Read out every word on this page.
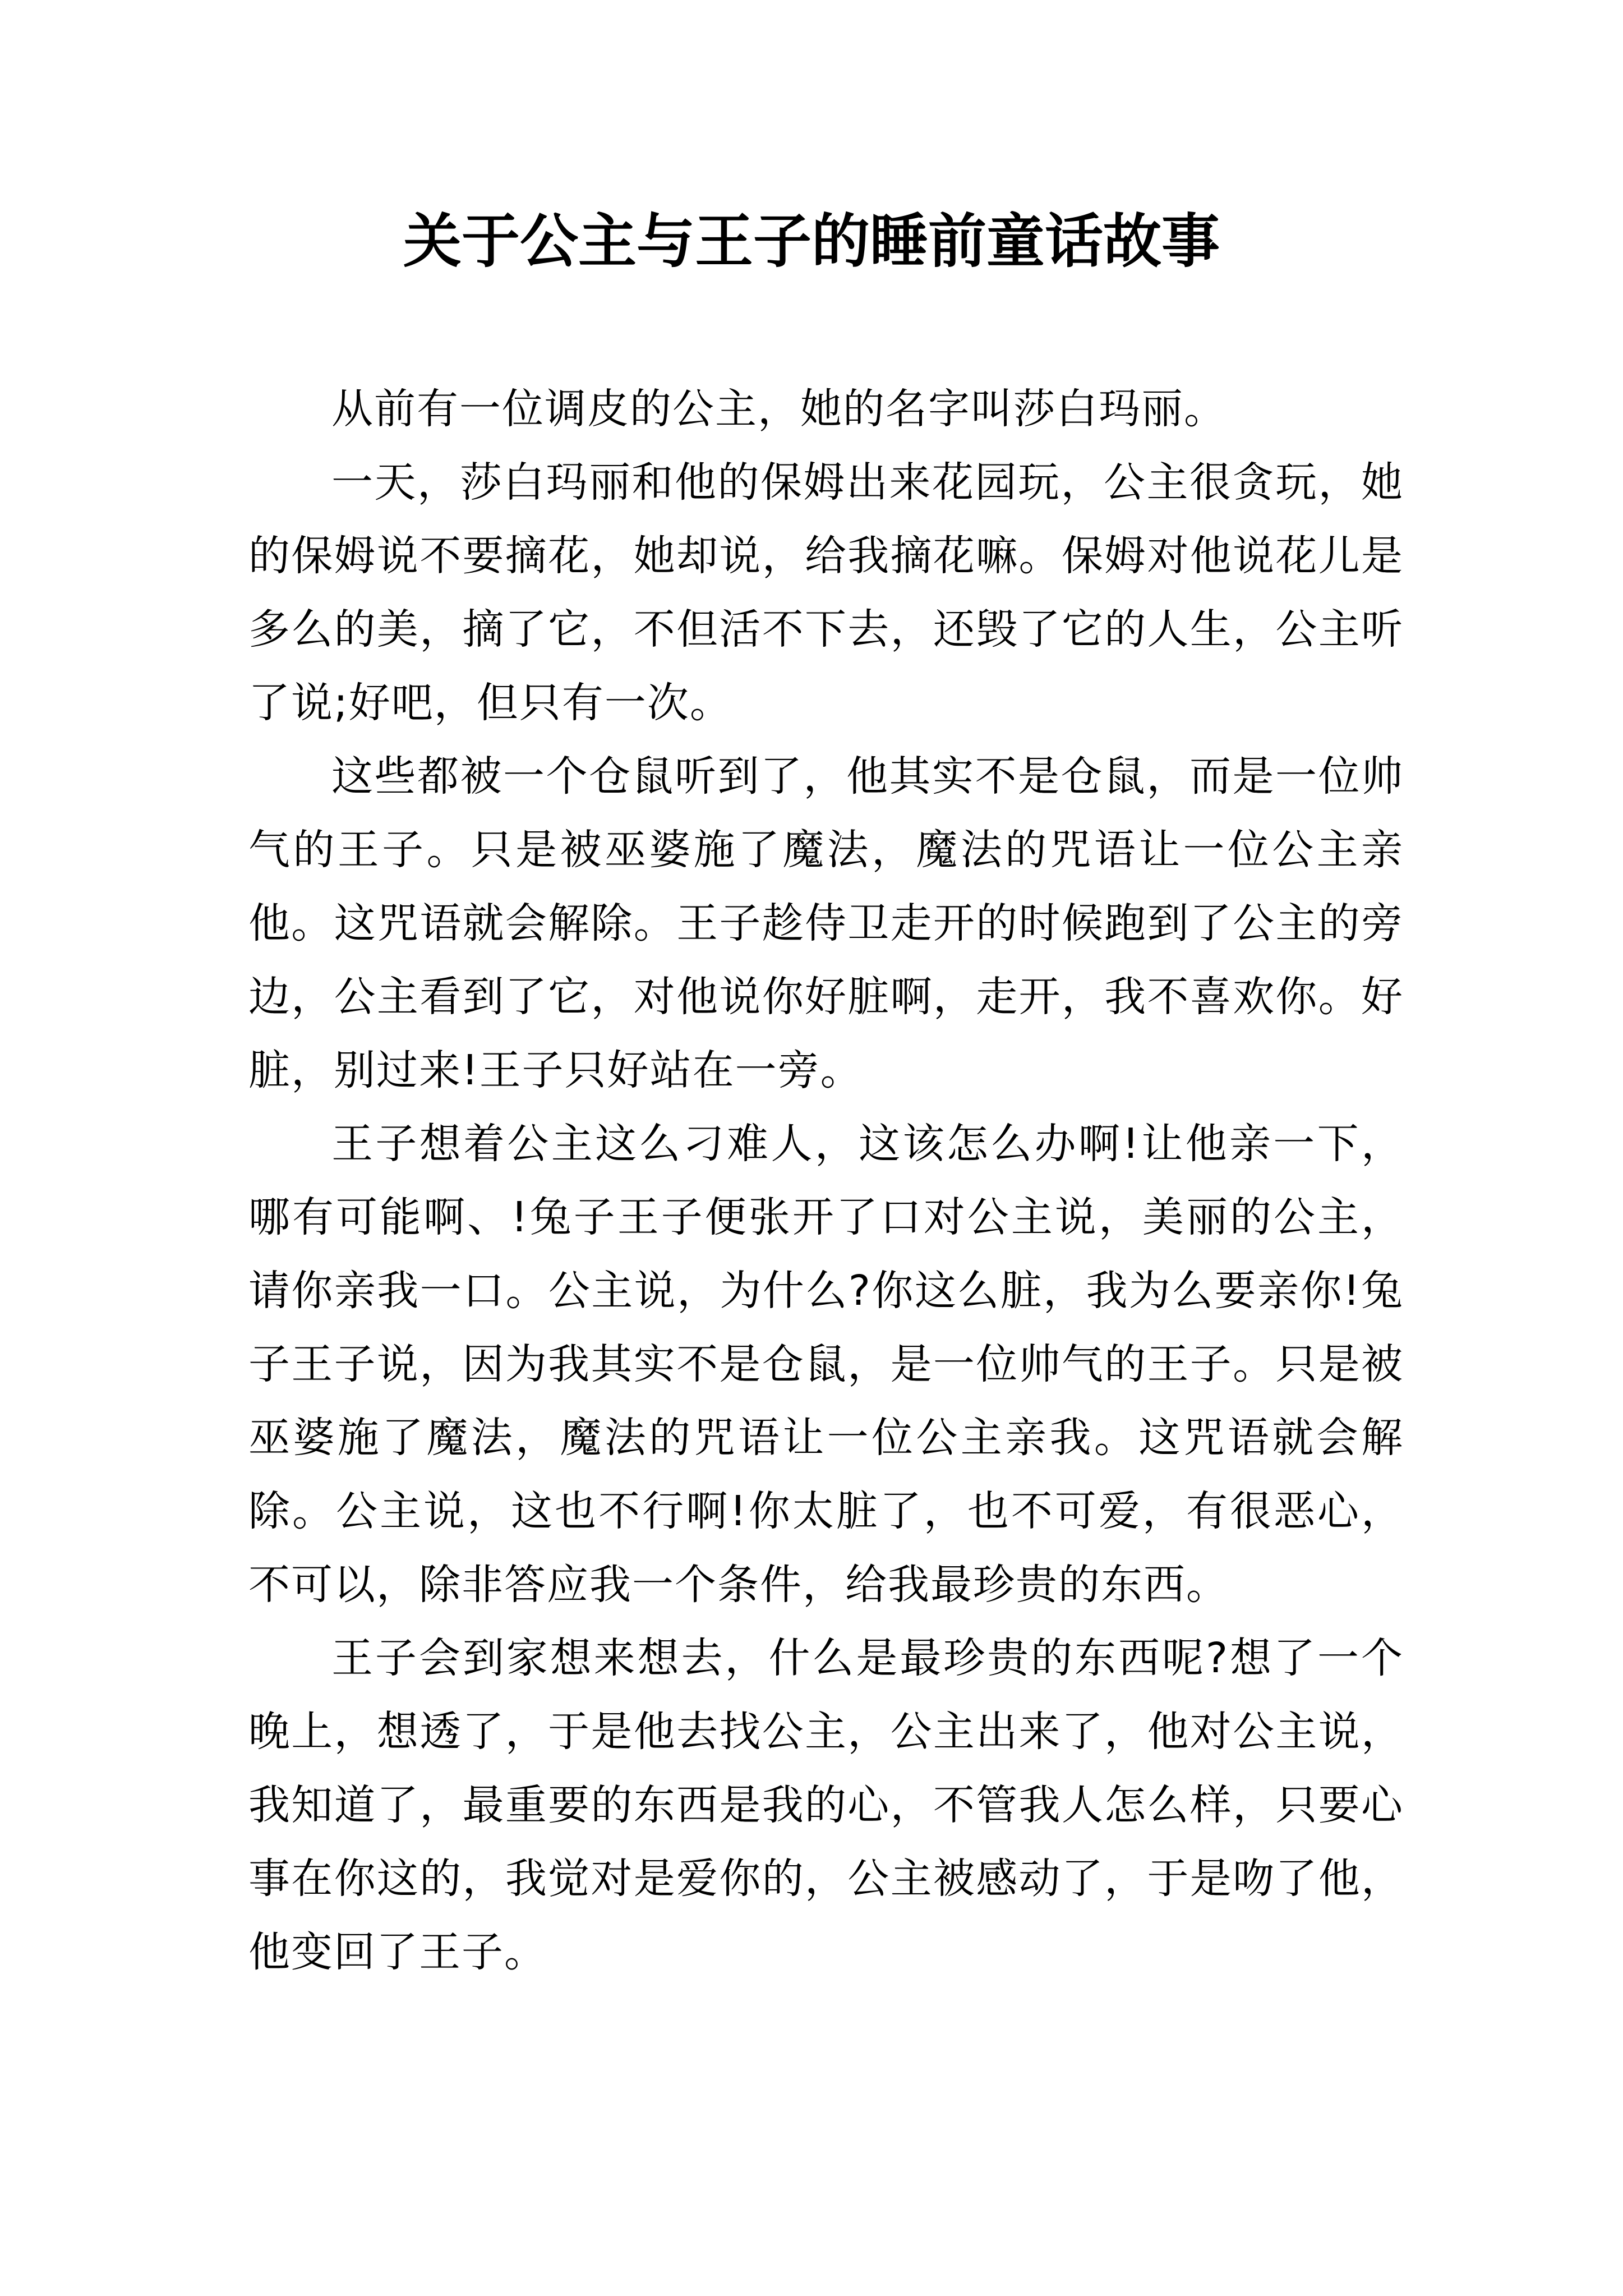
关于公主与王子的睡前童话故事

从前有一位调皮的公主，她的名字叫莎白玛丽。

一天，莎白玛丽和他的保姆出来花园玩，公主很贪玩，她的保姆说不要摘花，她却说，给我摘花嘛。保姆对他说花儿是多么的美，摘了它，不但活不下去，还毁了它的人生，公主听了说;好吧，但只有一次。

这些都被一个仓鼠听到了，他其实不是仓鼠，而是一位帅气的王子。只是被巫婆施了魔法，魔法的咒语让一位公主亲他。这咒语就会解除。王子趁侍卫走开的时候跑到了公主的旁边，公主看到了它，对他说你好脏啊，走开，我不喜欢你。好脏，别过来!王子只好站在一旁。

王子想着公主这么刁难人，这该怎么办啊!让他亲一下，哪有可能啊、!兔子王子便张开了口对公主说，美丽的公主，请你亲我一口。公主说，为什么?你这么脏，我为么要亲你!兔子王子说，因为我其实不是仓鼠，是一位帅气的王子。只是被巫婆施了魔法，魔法的咒语让一位公主亲我。这咒语就会解除。公主说，这也不行啊!你太脏了，也不可爱，有很恶心，不可以，除非答应我一个条件，给我最珍贵的东西。

王子会到家想来想去，什么是最珍贵的东西呢?想了一个晚上，想透了，于是他去找公主，公主出来了，他对公主说，我知道了，最重要的东西是我的心，不管我人怎么样，只要心事在你这的，我觉对是爱你的，公主被感动了，于是吻了他，他变回了王子。
